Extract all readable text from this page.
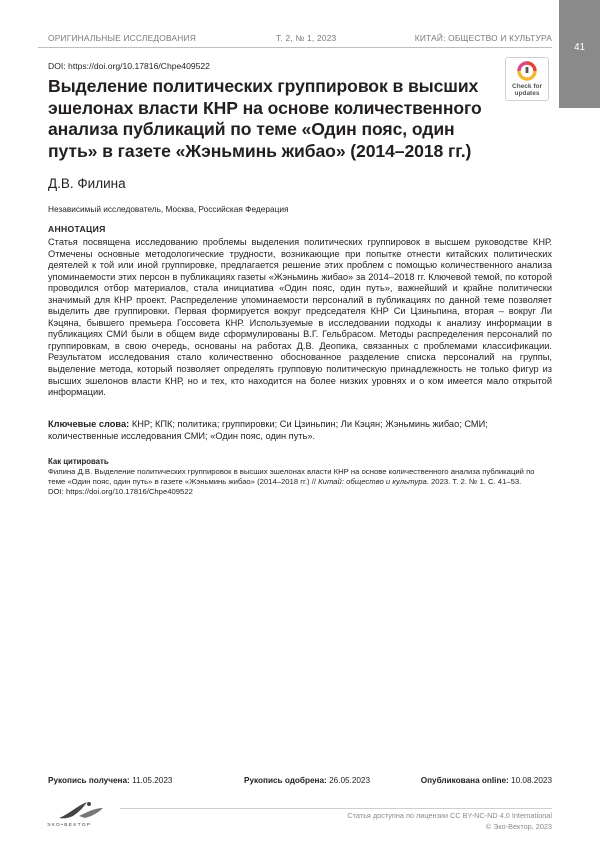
ОРИГИНАЛЬНЫЕ ИССЛЕДОВАНИЯ	Т. 2, № 1, 2023	КИТАЙ: ОБЩЕСТВО И КУЛЬТУРА
41
DOI: https://doi.org/10.17816/Chpe409522
Выделение политических группировок в высших эшелонах власти КНР на основе количественного анализа публикаций по теме «Один пояс, один путь» в газете «Жэньминь жибао» (2014–2018 гг.)
Check for
updates
Д.В. Филина
Независимый исследователь, Москва, Российская Федерация
АННОТАЦИЯ
Статья посвящена исследованию проблемы выделения политических группировок в высшем руководстве КНР. Отмечены основные методологические трудности, возникающие при попытке отнести китайских политических деятелей к той или иной группировке, предлагается решение этих проблем с помощью количественного анализа упоминаемости этих персон в публикациях газеты «Жэньминь жибао» за 2014–2018 гг. Ключевой темой, по которой проводился отбор материалов, стала инициатива «Один пояс, один путь», важнейший и крайне политически значимый для КНР проект. Распределение упоминаемости персоналий в публикациях по данной теме позволяет выделить две группировки. Первая формируется вокруг председателя КНР Си Цзиньпина, вторая – вокруг Ли Кэцяна, бывшего премьера Госсовета КНР. Используемые в исследовании подходы к анализу информации в публикациях СМИ были в общем виде сформулированы В.Г. Гельбрасом. Методы распределения персоналий по группировкам, в свою очередь, основаны на работах Д.В. Деопика, связанных с проблемами классификации. Результатом исследования стало количественно обоснованное разделение списка персоналий на группы, выделение метода, который позволяет определять групповую политическую принадлежность не только фигур из высших эшелонов власти КНР, но и тех, кто находится на более низких уровнях и о ком имеется мало открытой информации.
Ключевые слова: КНР; КПК; политика; группировки; Си Цзиньпин; Ли Кэцян; Жэньминь жибао; СМИ; количественные исследования СМИ; «Один пояс, один путь».
Как цитировать
Филина Д.В. Выделение политических группировок в высших эшелонах власти КНР на основе количественного анализа публикаций по теме «Один пояс, один путь» в газете «Жэньминь жибао» (2014–2018 гг.) // Китай: общество и культура. 2023. Т. 2. № 1. С. 41–53.
DOI: https://doi.org/10.17816/Chpe409522
Рукопись получена: 11.05.2023	Рукопись одобрена: 26.05.2023	Опубликована online: 10.08.2023
ЭКО•ВЕКТОР
Статья доступна по лицензии CC BY-NC-ND 4.0 International
© Эко-Вектор, 2023
